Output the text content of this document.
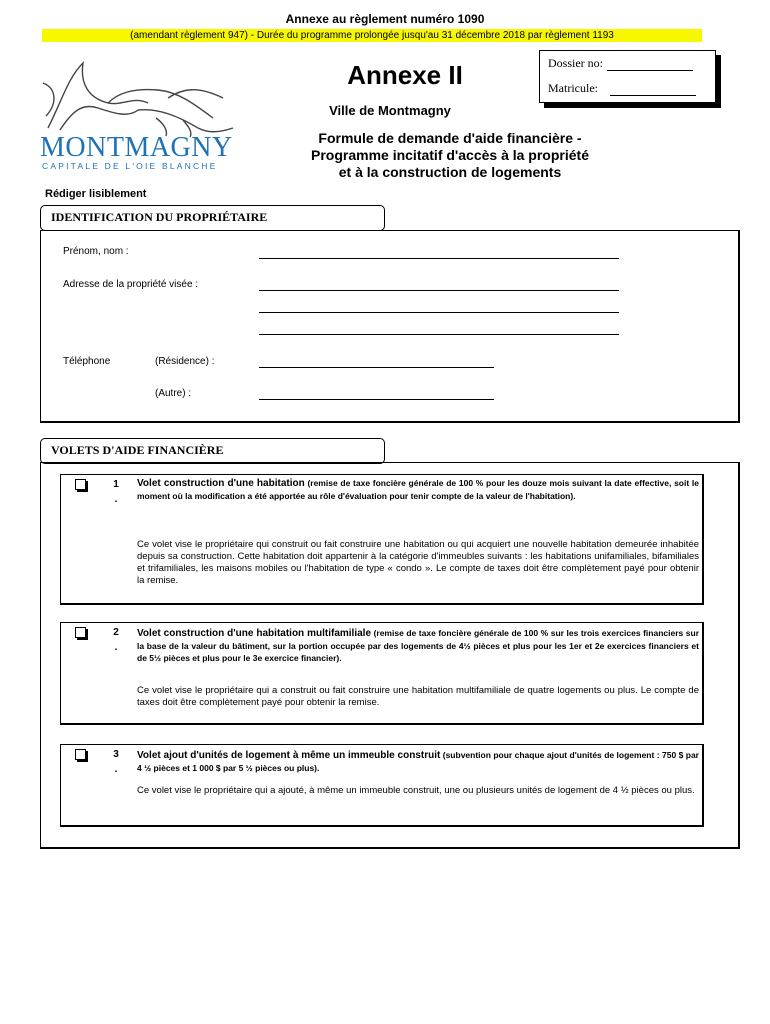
Annexe au règlement numéro 1090
(amendant règlement 947) - Durée du programme prolongée jusqu'au 31 décembre 2018 par règlement 1193
MONTMAGNY
CAPITALE DE L'OIE BLANCHE
Annexe II
Ville de Montmagny
Formule de demande d'aide financière -
Programme incitatif d'accès à la propriété
et à la construction de logements
Dossier no:
Matricule:
Rédiger lisiblement
IDENTIFICATION DU PROPRIÉTAIRE
Prénom, nom :
Adresse de la propriété visée :
Téléphone	(Résidence) :
(Autre) :
VOLETS D'AIDE FINANCIÈRE
1
.
Volet construction d'une habitation (remise de taxe foncière générale de 100 % pour les douze mois suivant la date effective, soit le moment où la modification a été apportée au rôle d'évaluation pour tenir compte de la valeur de l'habitation).
Ce volet vise le propriétaire qui construit ou fait construire une habitation ou qui acquiert une nouvelle habitation demeurée inhabitée depuis sa construction. Cette habitation doit appartenir à la catégorie d'immeubles suivants : les habitations unifamiliales, bifamiliales et trifamiliales, les maisons mobiles ou l'habitation de type « condo ». Le compte de taxes doit être complètement payé pour obtenir la remise.
2
.
Volet construction d'une habitation multifamiliale (remise de taxe foncière générale de 100 % sur les trois exercices financiers sur la base de la valeur du bâtiment, sur la portion occupée par des logements de 4½ pièces et plus pour les 1er et 2e exercices financiers et de 5½ pièces et plus pour le 3e exercice financier).
Ce volet vise le propriétaire qui a construit ou fait construire une habitation multifamiliale de quatre logements ou plus. Le compte de taxes doit être complètement payé pour obtenir la remise.
3
.
Volet ajout d'unités de logement à même un immeuble construit (subvention pour chaque ajout d'unités de logement : 750 $ par 4 ½ pièces et 1 000 $ par 5 ½ pièces ou plus).
Ce volet vise le propriétaire qui a ajouté, à même un immeuble construit, une ou plusieurs unités de logement de 4 ½ pièces ou plus.
